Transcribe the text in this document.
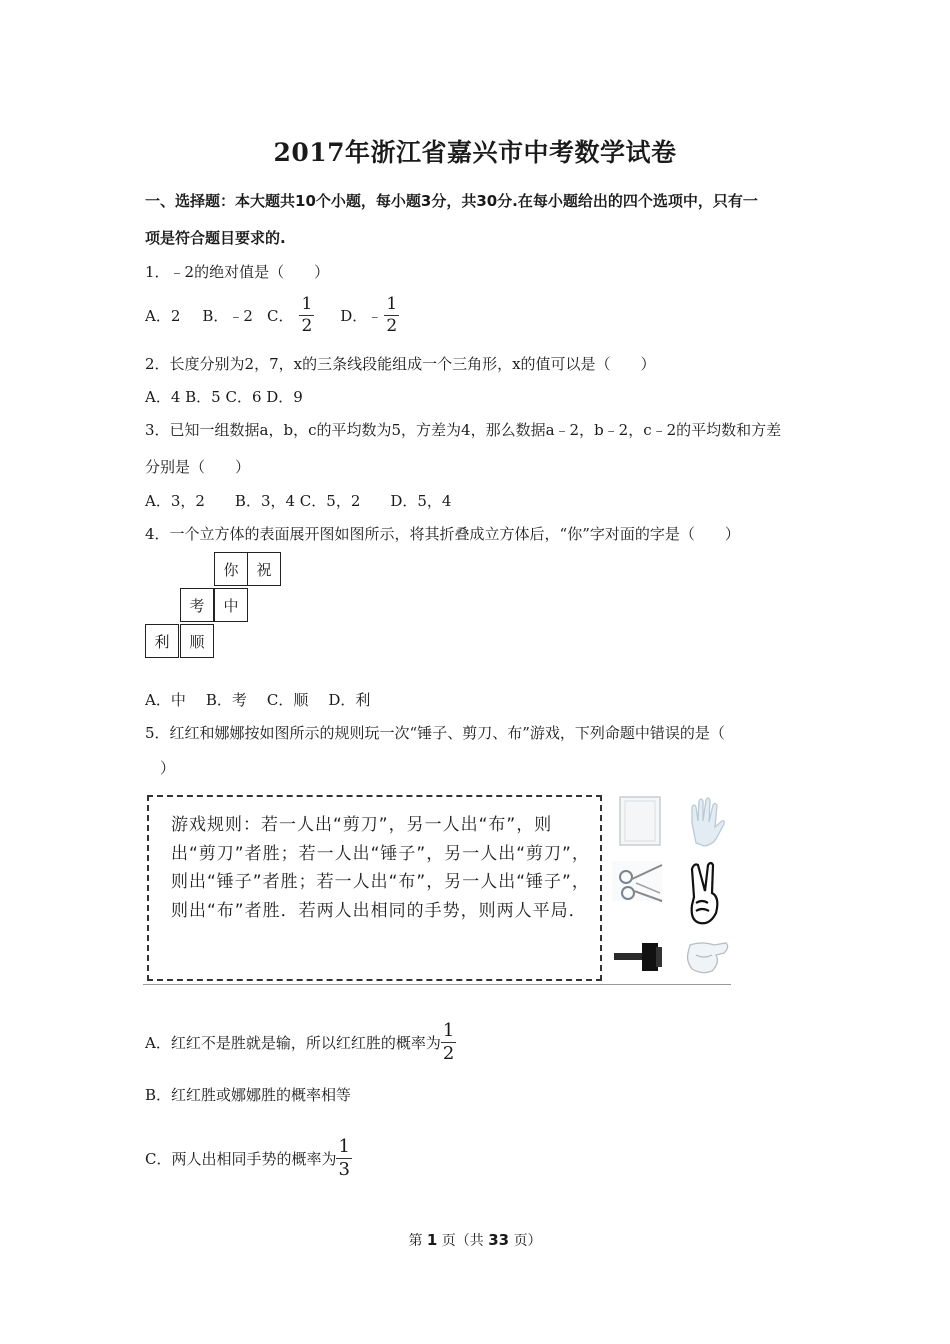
2017年浙江省嘉兴市中考数学试卷
一、选择题：本大题共10个小题，每小题3分，共30分.在每小题给出的四个选项中，只有一
项是符合题目要求的.
1．﹣2的绝对值是（　　）
A．2 B．﹣2 C． $\frac{1}{2}$ D．﹣ $\frac{1}{2}$
2．长度分别为2，7，x的三条线段能组成一个三角形，x的值可以是（　　）
A．4 B．5 C．6 D．9
3．已知一组数据a，b，c的平均数为5，方差为4，那么数据a﹣2，b﹣2，c﹣2的平均数和方差
分别是（　　）
A．3，2　　B．3，4 C．5，2　　D．5，4
4．一个立方体的表面展开图如图所示，将其折叠成立方体后，“你”字对面的字是（　　）
你	祝
考	中
利	顺
A．中 B．考 C．顺 D．利
5．红红和娜娜按如图所示的规则玩一次“锤子、剪刀、布”游戏，下列命题中错误的是（
　）
游戏规则：若一人出“剪刀”，另一人出“布”，则出“剪刀”者胜；若一人出“锤子”，另一人出“剪刀”，则出“锤子”者胜；若一人出“布”，另一人出“锤子”，则出“布”者胜．若两人出相同的手势，则两人平局．
A．红红不是胜就是输，所以红红胜的概率为 $\frac{1}{2}$
B．红红胜或娜娜胜的概率相等
C．两人出相同手势的概率为 $\frac{1}{3}$
第 1 页（共 33 页）
